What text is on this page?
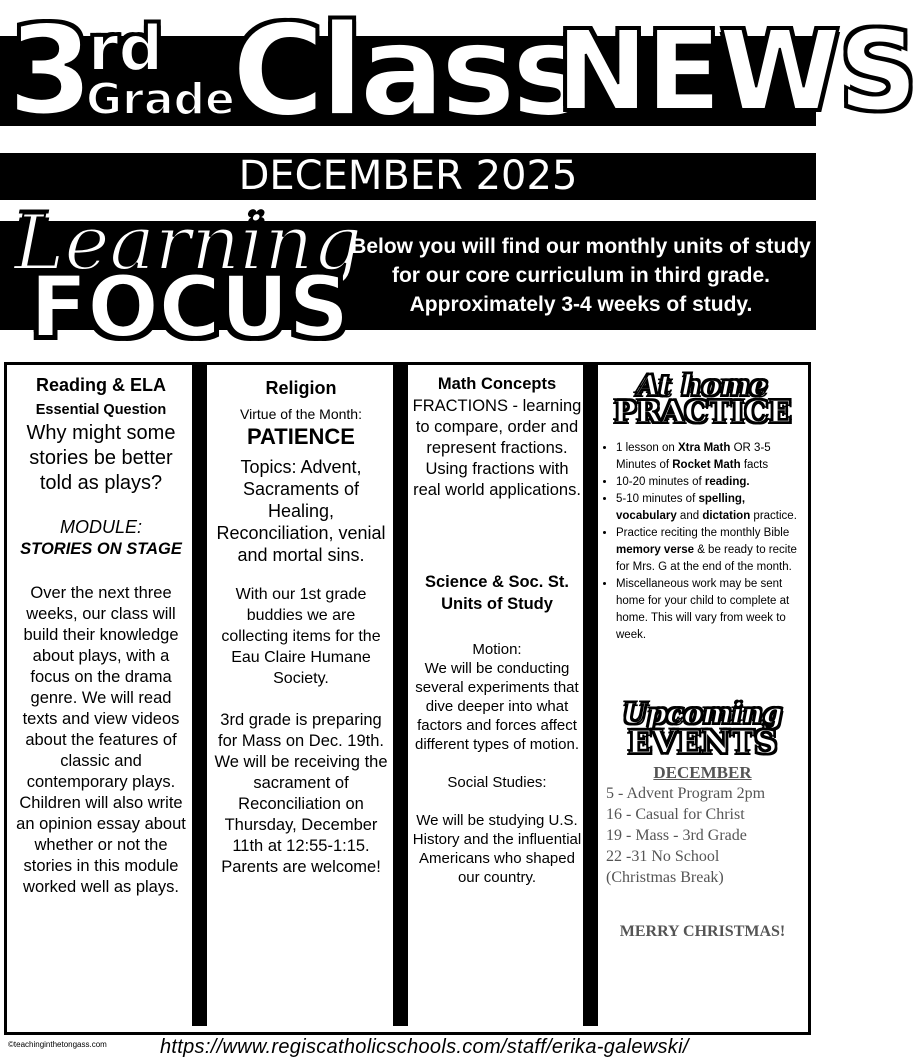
3
rd
Grade
Class
NEWS
DECEMBER 2025
Learning
FOCUS
Below you will find our monthly units of study for our core curriculum in third grade. Approximately 3-4 weeks of study.
Reading & ELA
Essential Question
Why might some stories be better told as plays?
MODULE:
STORIES ON STAGE
Over the next three weeks, our class will build their knowledge about plays, with a focus on the drama genre. We will read texts and view videos about the features of classic and contemporary plays. Children will also write an opinion essay about whether or not the stories in this module worked well as plays.
Religion
Virtue of the Month:
PATIENCE
Topics: Advent, Sacraments of Healing, Reconciliation, venial and mortal sins.
With our 1st grade buddies we are collecting items for the Eau Claire Humane Society.
3rd grade is preparing for Mass on Dec. 19th. We will be receiving the sacrament of Reconciliation on Thursday, December 11th at 12:55-1:15. Parents are welcome!
Math Concepts
FRACTIONS - learning to compare, order and represent fractions. Using fractions with real world applications.
Science & Soc. St. Units of Study
Motion:
We will be conducting several experiments that dive deeper into what factors and forces affect different types of motion.
Social Studies:
We will be studying U.S. History and the influential Americans who shaped our country.
At home
PRACTICE
• 1 lesson on Xtra Math OR 3-5 Minutes of Rocket Math facts
• 10-20 minutes of reading.
• 5-10 minutes of spelling, vocabulary and dictation practice.
• Practice reciting the monthly Bible memory verse & be ready to recite for Mrs. G at the end of the month.
• Miscellaneous work may be sent home for your child to complete at home. This will vary from week to week.
Upcoming
EVENTS
DECEMBER
5 - Advent Program 2pm
16 - Casual for Christ
19 - Mass - 3rd Grade
22 -31 No School
(Christmas Break)
MERRY CHRISTMAS!
©teachinginthetongass.com	https://www.regiscatholicschools.com/staff/erika-galewski/
